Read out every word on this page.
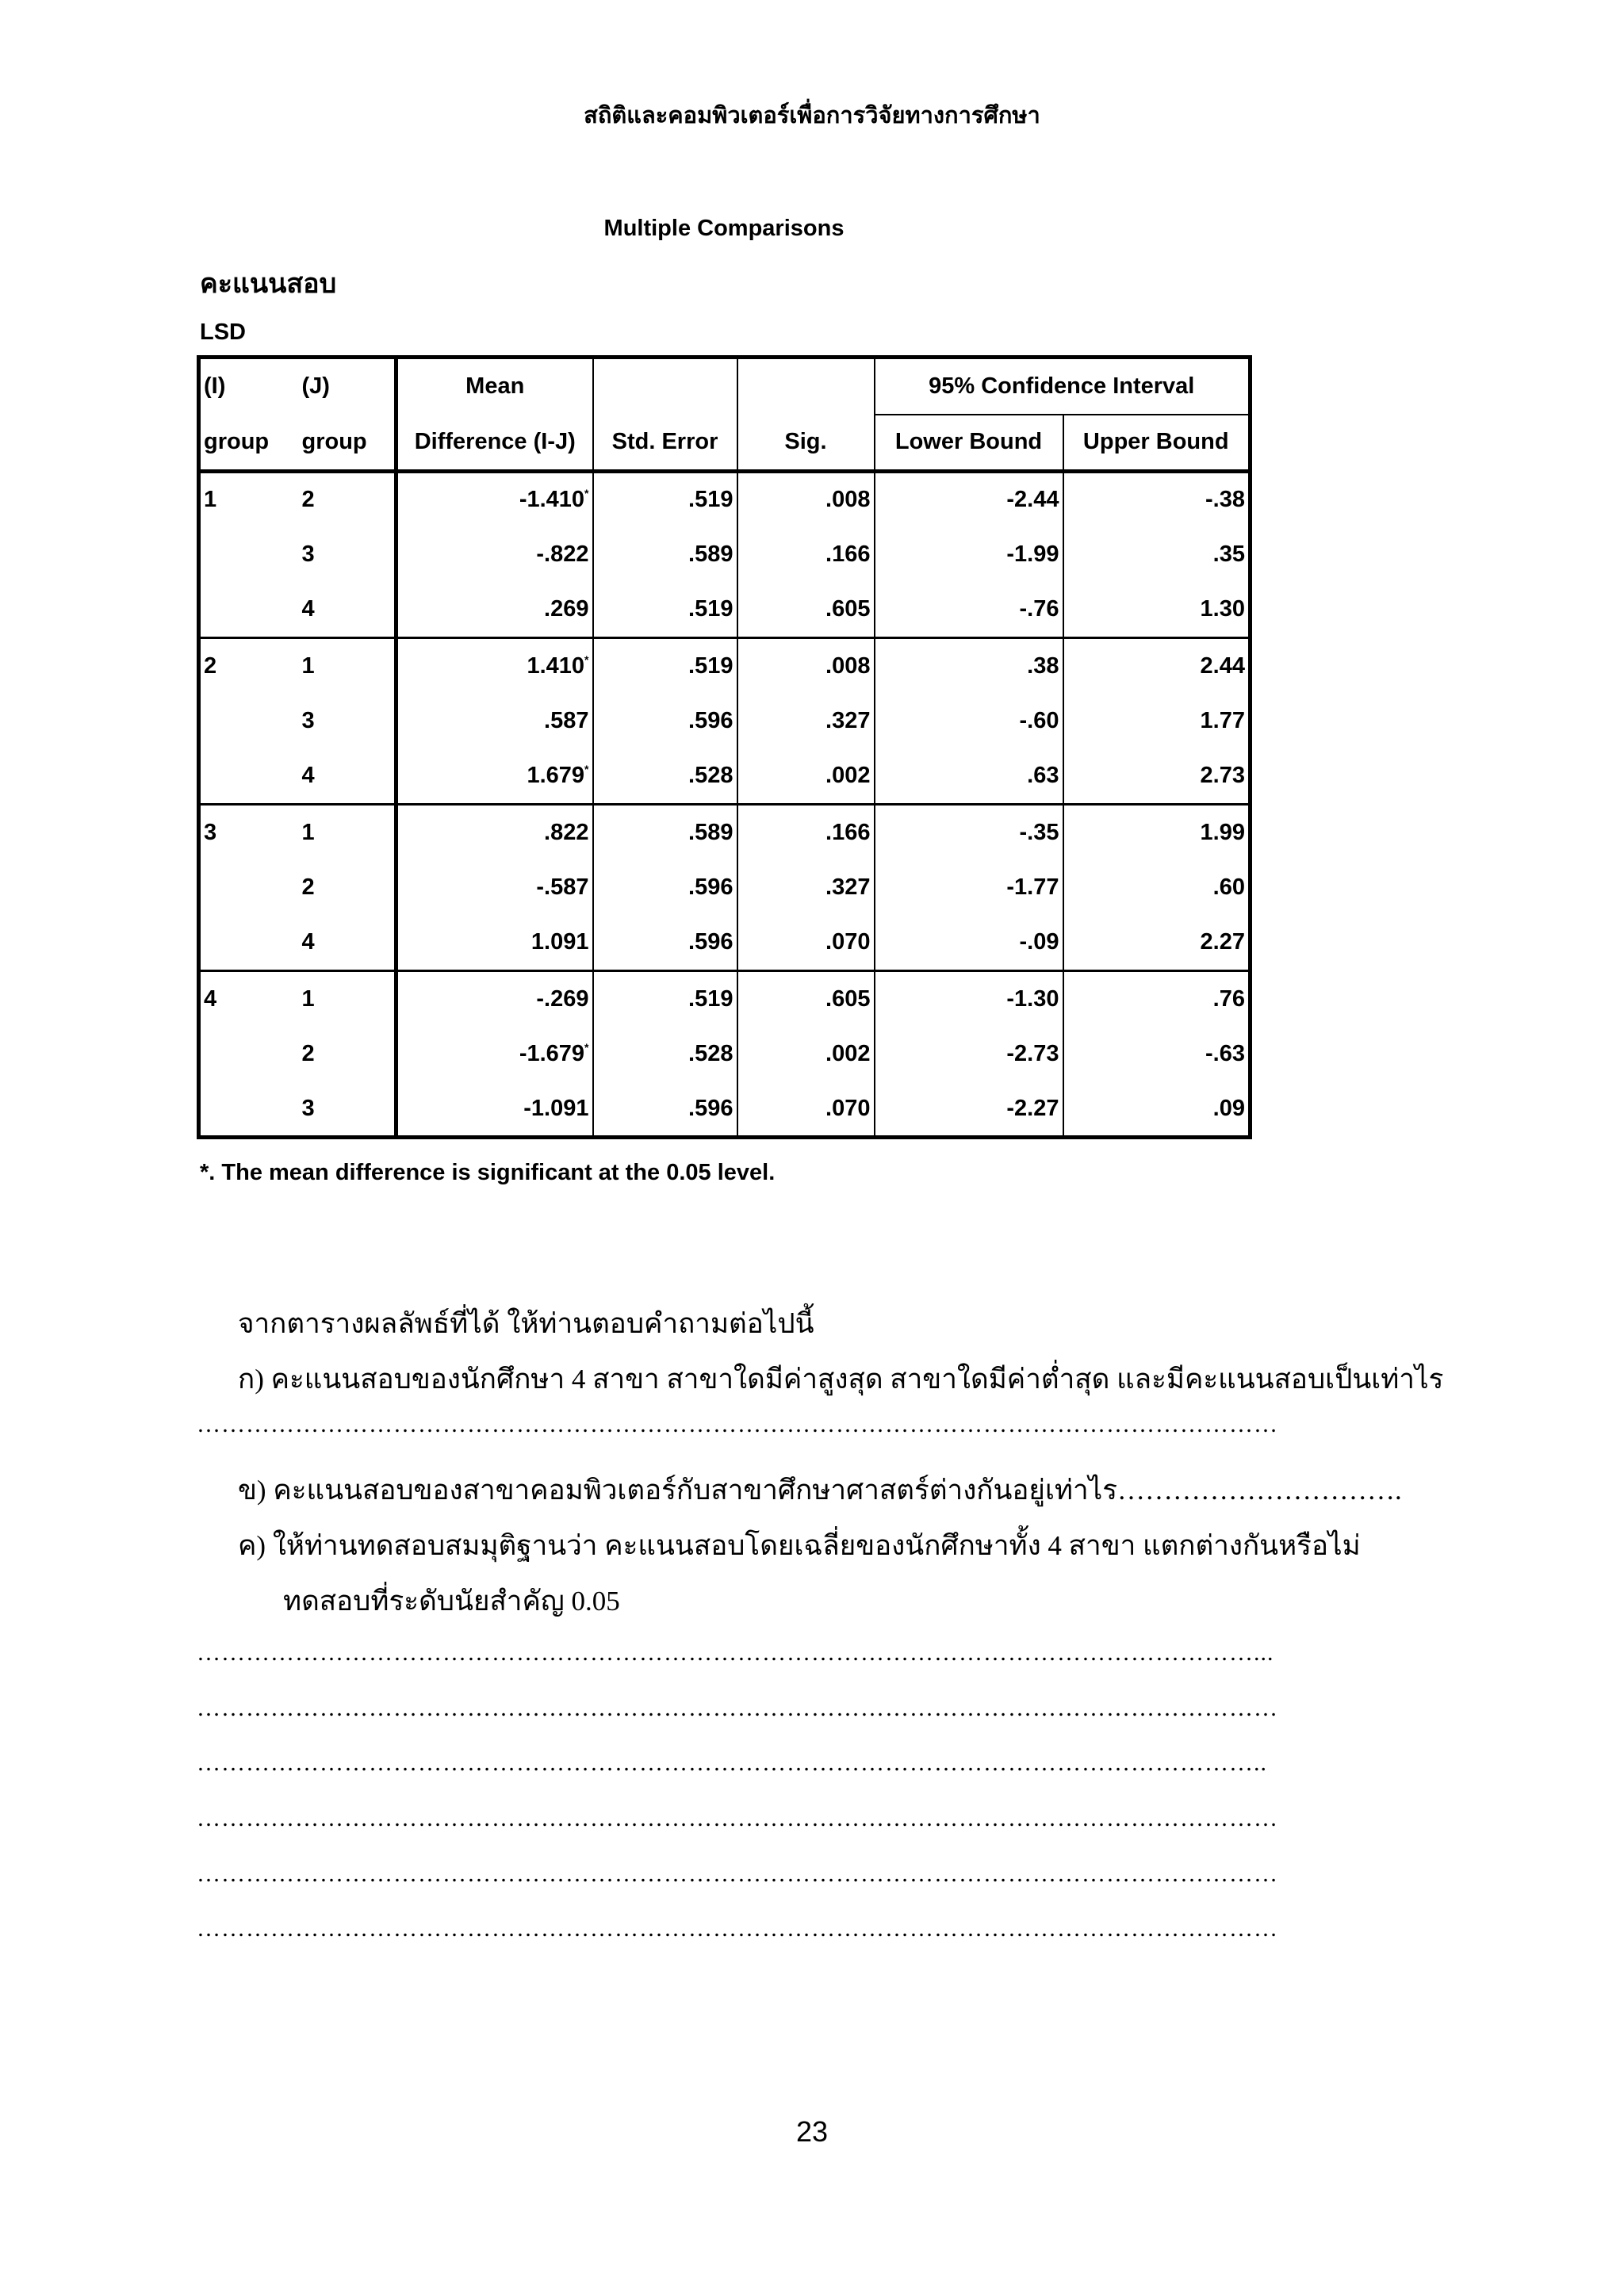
สถิติและคอมพิวเตอร์เพื่อการวิจัยทางการศึกษา
Multiple Comparisons
คะแนนสอบ
LSD
(I)	(J)	Mean			95% Confidence Interval	
group	group	Difference (I-J)	Std. Error	Sig.	Lower Bound	Upper Bound
1	2	-1.410*	.519	.008	-2.44	-.38
	3	-.822	.589	.166	-1.99	.35
	4	.269	.519	.605	-.76	1.30
2	1	1.410*	.519	.008	.38	2.44
	3	.587	.596	.327	-.60	1.77
	4	1.679*	.528	.002	.63	2.73
3	1	.822	.589	.166	-.35	1.99
	2	-.587	.596	.327	-1.77	.60
	4	1.091	.596	.070	-.09	2.27
4	1	-.269	.519	.605	-1.30	.76
	2	-1.679*	.528	.002	-2.73	-.63
	3	-1.091	.596	.070	-2.27	.09
*. The mean difference is significant at the 0.05 level.
จากตารางผลลัพธ์ที่ได้ ให้ท่านตอบคำถามต่อไปนี้
ก) คะแนนสอบของนักศึกษา 4 สาขา สาขาใดมีค่าสูงสุด สาขาใดมีค่าต่ำสุด และมีคะแนนสอบเป็นเท่าไร
……………………………………………………………………………………………………………………
ข) คะแนนสอบของสาขาคอมพิวเตอร์กับสาขาศึกษาศาสตร์ต่างกันอยู่เท่าไร………………………….
ค) ให้ท่านทดสอบสมมุติฐานว่า คะแนนสอบโดยเฉลี่ยของนักศึกษาทั้ง 4 สาขา แตกต่างกันหรือไม่
ทดสอบที่ระดับนัยสำคัญ 0.05
…………………………………………………………………………………………………………………...
……………………………………………………………………………………………………………………
…………………………………………………………………………………………………………………..
……………………………………………………………………………………………………………………
……………………………………………………………………………………………………………………
……………………………………………………………………………………………………………………
23
